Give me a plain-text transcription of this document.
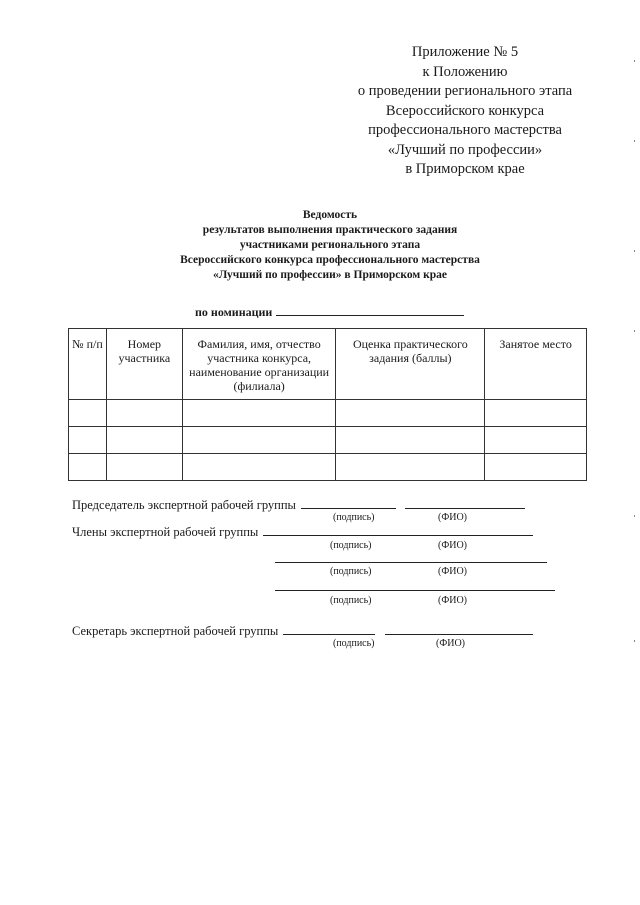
Приложение № 5
к Положению
о проведении регионального этапа
Всероссийского конкурса
профессионального мастерства
«Лучший по профессии»
в Приморском крае
Ведомость
результатов выполнения практического задания
участниками регионального этапа
Всероссийского конкурса профессионального мастерства
«Лучший по профессии» в Приморском крае
по номинации
№ п/п	Номер участника	Фамилия, имя, отчество участника конкурса, наименование организации (филиала)	Оценка практического задания (баллы)	Занятое место

Председатель экспертной рабочей группы
(подпись)	(ФИО)
Члены экспертной рабочей группы
(подпись)	(ФИО)
(подпись)	(ФИО)
(подпись)	(ФИО)
Секретарь экспертной рабочей группы
(подпись)	(ФИО)
